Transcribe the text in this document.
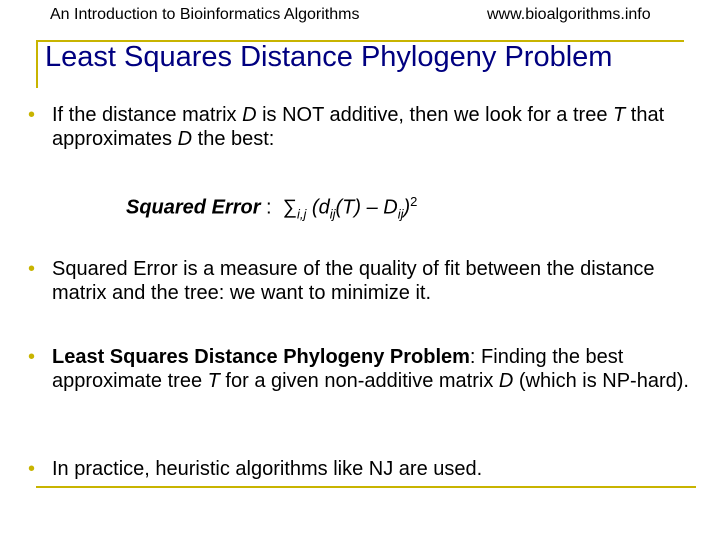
An Introduction to Bioinformatics Algorithms	www.bioalgorithms.info
Least Squares Distance Phylogeny Problem
• If the distance matrix D is NOT additive, then we look for a tree T that approximates D the best:
Squared Error :  $\sum_{i,j}$ $(d_{ij}(T) - D_{ij})^2$
• Squared Error is a measure of the quality of fit between the distance matrix and the tree: we want to minimize it.
• Least Squares Distance Phylogeny Problem: Finding the best approximate tree T for a given non-additive matrix D (which is NP-hard).
• In practice, heuristic algorithms like NJ are used.
